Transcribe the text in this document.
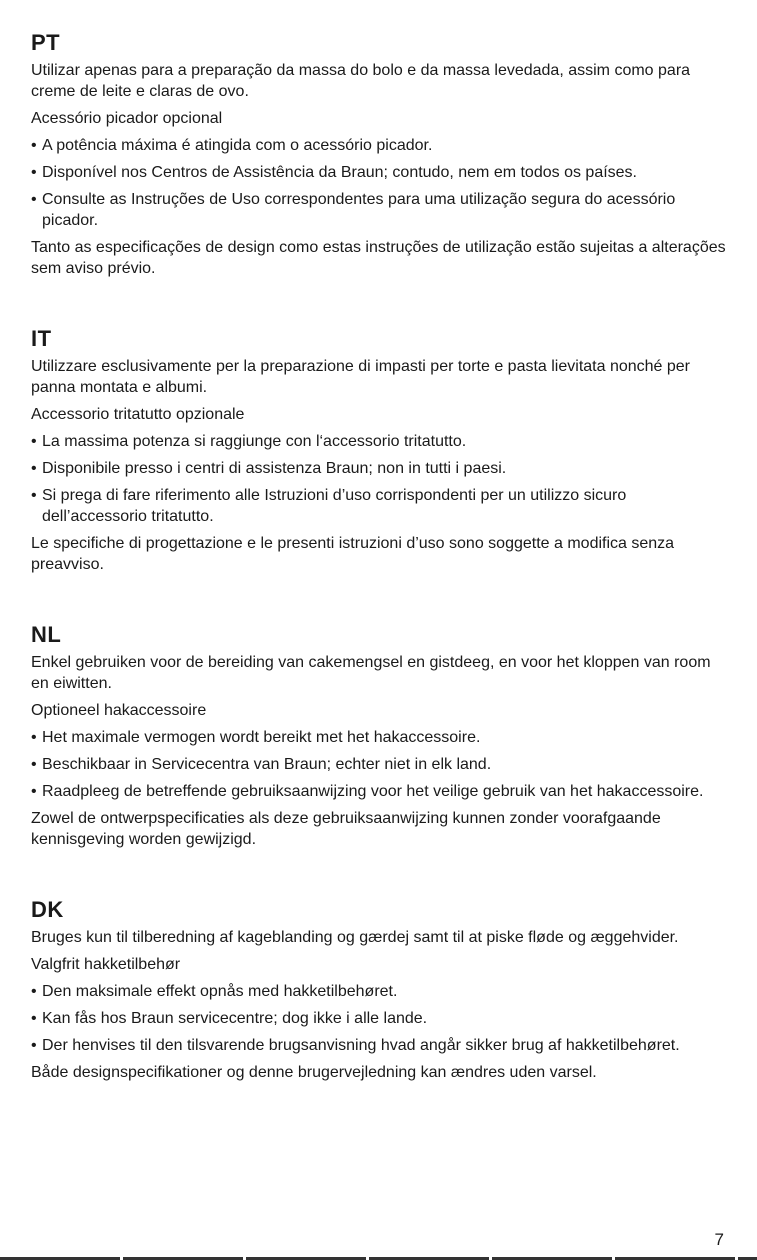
PT

Utilizar apenas para a preparação da massa do bolo e da massa levedada, assim como para creme de leite e claras de ovo.

Acessório picador opcional

• A potência máxima é atingida com o acessório picador.
• Disponível nos Centros de Assistência da Braun; contudo, nem em todos os países.
• Consulte as Instruções de Uso correspondentes para uma utilização segura do acessório picador.

Tanto as especificações de design como estas instruções de utilização estão sujeitas a alterações sem aviso prévio.

IT

Utilizzare esclusivamente per la preparazione di impasti per torte e pasta lievitata nonché per panna montata e albumi.

Accessorio tritatutto opzionale

• La massima potenza si raggiunge con l‘accessorio tritatutto.
• Disponibile presso i centri di assistenza Braun; non in tutti i paesi.
• Si prega di fare riferimento alle Istruzioni d’uso corrispondenti per un utilizzo sicuro dell’accessorio tritatutto.

Le specifiche di progettazione e le presenti istruzioni d’uso sono soggette a modifica senza preavviso.

NL

Enkel gebruiken voor de bereiding van cakemengsel en gistdeeg, en voor het kloppen van room en eiwitten.

Optioneel hakaccessoire

• Het maximale vermogen wordt bereikt met het hakaccessoire.
• Beschikbaar in Servicecentra van Braun; echter niet in elk land.
• Raadpleeg de betreffende gebruiksaanwijzing voor het veilige gebruik van het hakaccessoire.

Zowel de ontwerpspecificaties als deze gebruiksaanwijzing kunnen zonder voorafgaande kennisgeving worden gewijzigd.

DK

Bruges kun til tilberedning af kageblanding og gærdej samt til at piske fløde og æggehvider.

Valgfrit hakketilbehør

• Den maksimale effekt opnås med hakketilbehøret.
• Kan fås hos Braun servicecentre; dog ikke i alle lande.
• Der henvises til den tilsvarende brugsanvisning hvad angår sikker brug af hakketilbehøret.

Både designspecifikationer og denne brugervejledning kan ændres uden varsel.

7
